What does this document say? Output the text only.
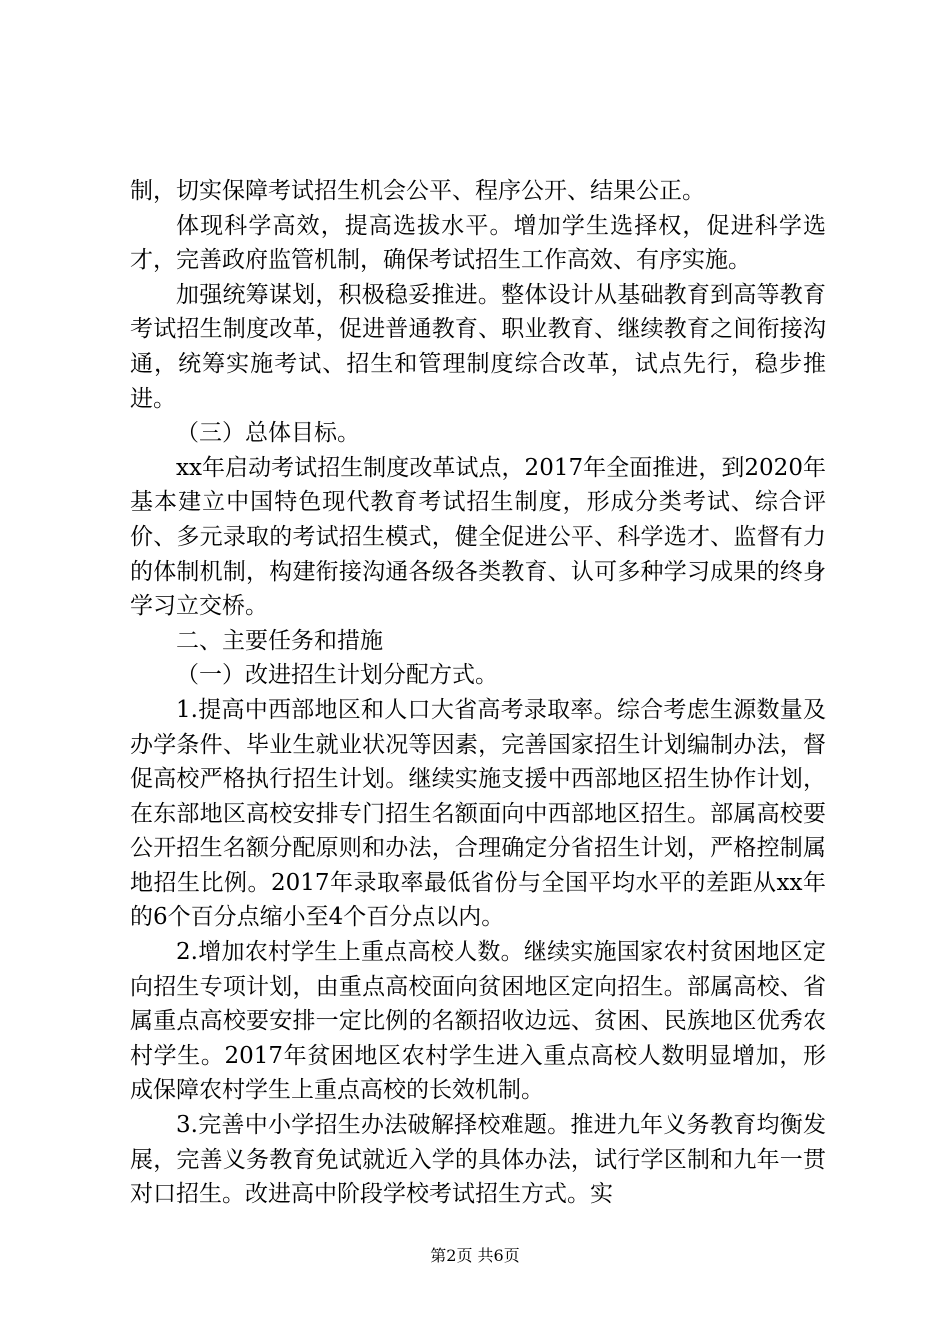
制，切实保障考试招生机会公平、程序公开、结果公正。

体现科学高效，提高选拔水平。增加学生选择权，促进科学选才，完善政府监管机制，确保考试招生工作高效、有序实施。

加强统筹谋划，积极稳妥推进。整体设计从基础教育到高等教育考试招生制度改革，促进普通教育、职业教育、继续教育之间衔接沟通，统筹实施考试、招生和管理制度综合改革，试点先行，稳步推进。

（三）总体目标。

xx年启动考试招生制度改革试点，2017年全面推进，到2020年基本建立中国特色现代教育考试招生制度，形成分类考试、综合评价、多元录取的考试招生模式，健全促进公平、科学选才、监督有力的体制机制，构建衔接沟通各级各类教育、认可多种学习成果的终身学习立交桥。

二、主要任务和措施

（一）改进招生计划分配方式。

1.提高中西部地区和人口大省高考录取率。综合考虑生源数量及办学条件、毕业生就业状况等因素，完善国家招生计划编制办法，督促高校严格执行招生计划。继续实施支援中西部地区招生协作计划，在东部地区高校安排专门招生名额面向中西部地区招生。部属高校要公开招生名额分配原则和办法，合理确定分省招生计划，严格控制属地招生比例。2017年录取率最低省份与全国平均水平的差距从xx年的6个百分点缩小至4个百分点以内。

2.增加农村学生上重点高校人数。继续实施国家农村贫困地区定向招生专项计划，由重点高校面向贫困地区定向招生。部属高校、省属重点高校要安排一定比例的名额招收边远、贫困、民族地区优秀农村学生。2017年贫困地区农村学生进入重点高校人数明显增加，形成保障农村学生上重点高校的长效机制。

3.完善中小学招生办法破解择校难题。推进九年义务教育均衡发展，完善义务教育免试就近入学的具体办法，试行学区制和九年一贯对口招生。改进高中阶段学校考试招生方式。实

第2页 共6页
